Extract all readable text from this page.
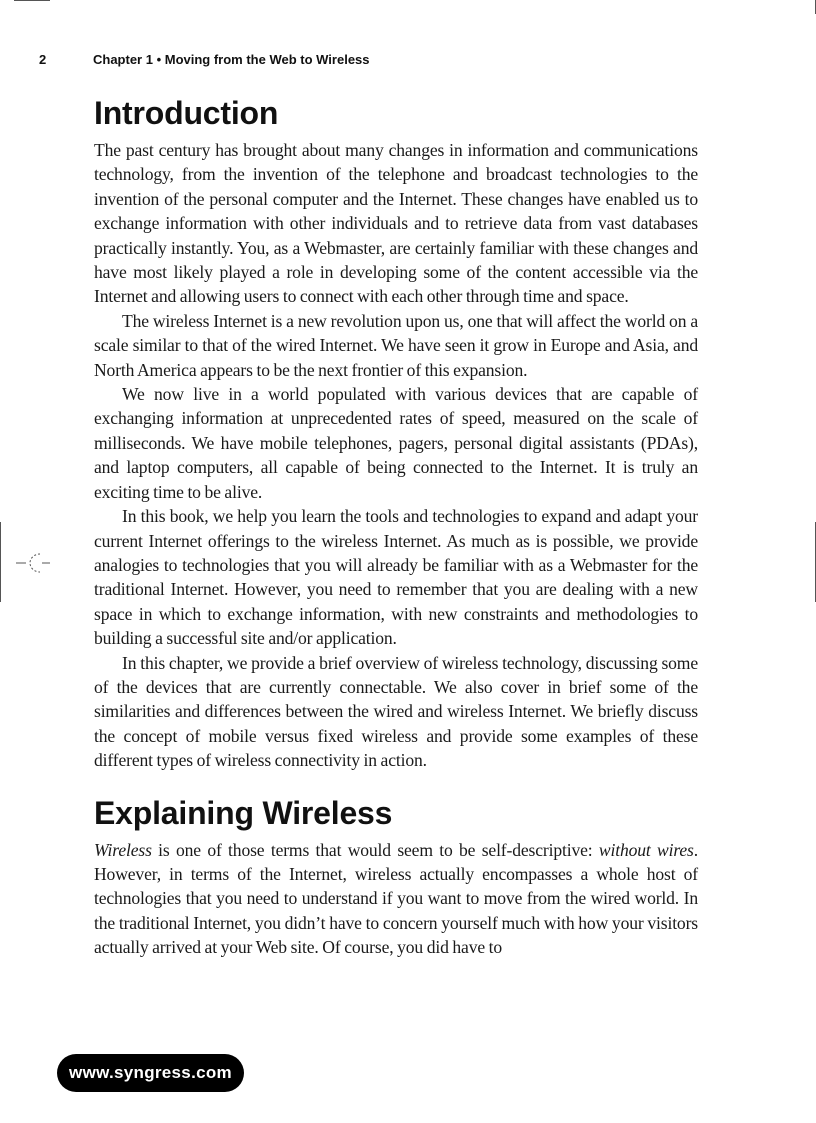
2	Chapter 1 • Moving from the Web to Wireless
Introduction

The past century has brought about many changes in information and communications technology, from the invention of the telephone and broadcast technologies to the invention of the personal computer and the Internet. These changes have enabled us to exchange information with other individuals and to retrieve data from vast databases practically instantly. You, as a Webmaster, are certainly familiar with these changes and have most likely played a role in developing some of the content accessible via the Internet and allowing users to connect with each other through time and space.

The wireless Internet is a new revolution upon us, one that will affect the world on a scale similar to that of the wired Internet. We have seen it grow in Europe and Asia, and North America appears to be the next frontier of this expansion.

We now live in a world populated with various devices that are capable of exchanging information at unprecedented rates of speed, measured on the scale of milliseconds. We have mobile telephones, pagers, personal digital assistants (PDAs), and laptop computers, all capable of being connected to the Internet. It is truly an exciting time to be alive.

In this book, we help you learn the tools and technologies to expand and adapt your current Internet offerings to the wireless Internet. As much as is possible, we provide analogies to technologies that you will already be familiar with as a Webmaster for the traditional Internet. However, you need to remember that you are dealing with a new space in which to exchange information, with new constraints and methodologies to building a successful site and/or application.

In this chapter, we provide a brief overview of wireless technology, discussing some of the devices that are currently connectable. We also cover in brief some of the similarities and differences between the wired and wireless Internet. We briefly discuss the concept of mobile versus fixed wireless and provide some examples of these different types of wireless connectivity in action.

Explaining Wireless

Wireless is one of those terms that would seem to be self-descriptive: without wires. However, in terms of the Internet, wireless actually encompasses a whole host of technologies that you need to understand if you want to move from the wired world. In the traditional Internet, you didn’t have to concern yourself much with how your visitors actually arrived at your Web site. Of course, you did have to

www.syngress.com
